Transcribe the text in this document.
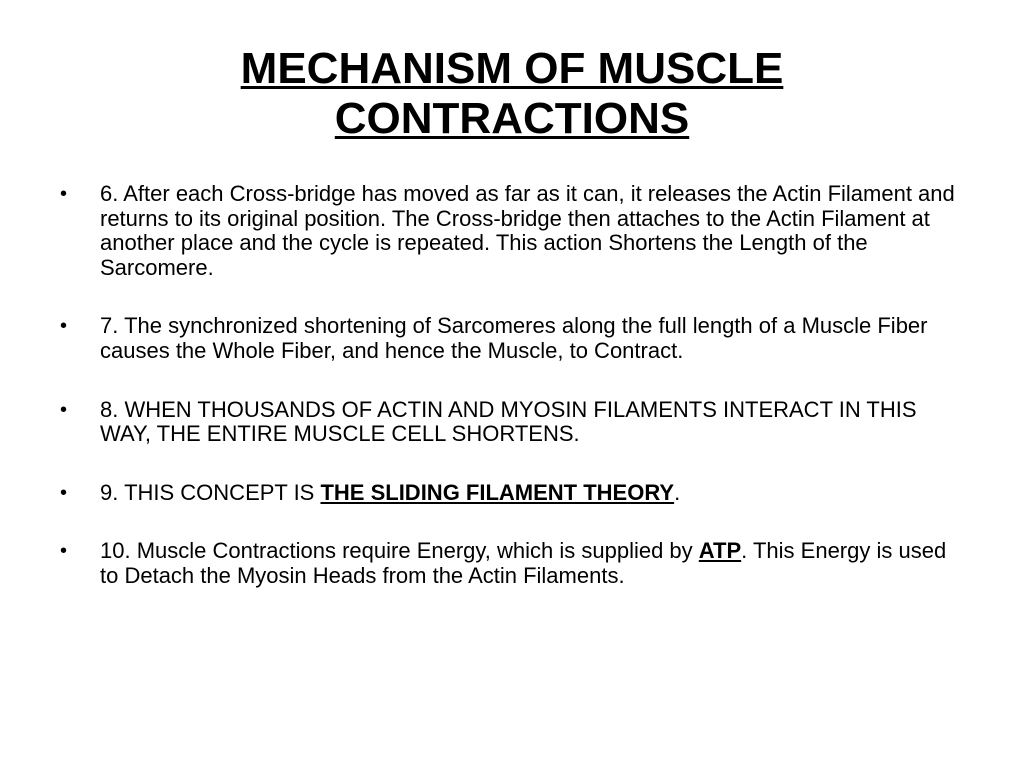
MECHANISM OF MUSCLE
CONTRACTIONS
• 6. After each Cross-bridge has moved as far as it can, it releases the Actin Filament and returns to its original position. The Cross-bridge then attaches to the Actin Filament at another place and the cycle is repeated. This action Shortens the Length of the Sarcomere.
• 7. The synchronized shortening of Sarcomeres along the full length of a Muscle Fiber causes the Whole Fiber, and hence the Muscle, to Contract.
• 8. WHEN THOUSANDS OF ACTIN AND MYOSIN FILAMENTS INTERACT IN THIS WAY, THE ENTIRE MUSCLE CELL SHORTENS.
• 9. THIS CONCEPT IS THE SLIDING FILAMENT THEORY.
• 10. Muscle Contractions require Energy, which is supplied by ATP. This Energy is used to Detach the Myosin Heads from the Actin Filaments.
